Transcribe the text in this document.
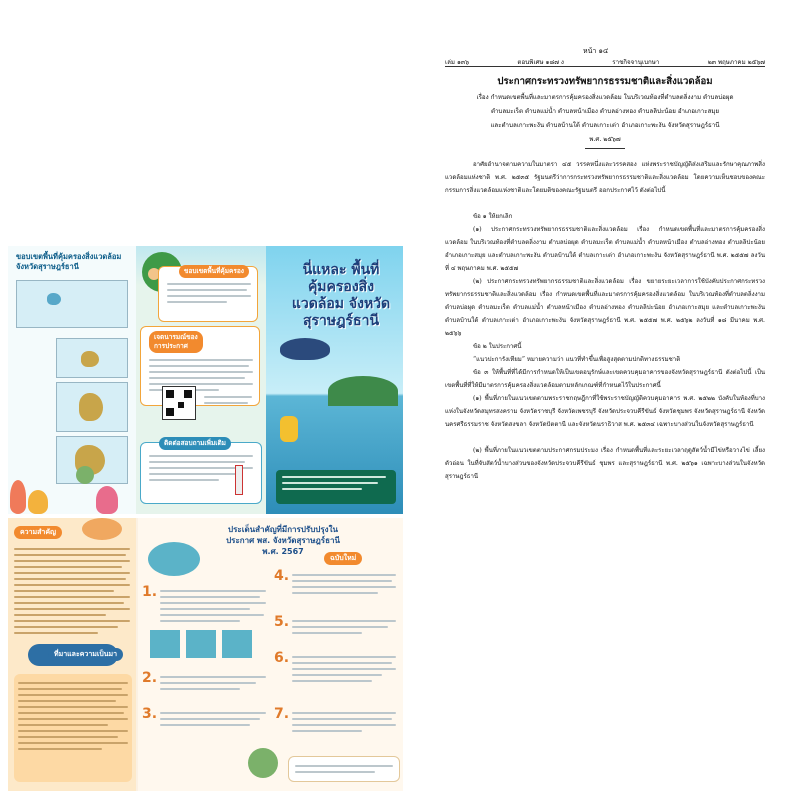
ขอบเขตพื้นที่คุ้มครองสิ่งแวดล้อมจังหวัดสุราษฎร์ธานี	ขอบเขตพื้นที่คุ้มครอง
เจตนารมณ์ของการประกาศ
ติดต่อสอบถามเพิ่มเติม
นี่แหละ พื้นที่คุ้มครองสิ่งแวดล้อม จังหวัดสุราษฎร์ธานี
ความสำคัญ
ที่มาและความเป็นมา
ประเด็นสำคัญที่มีการปรับปรุงใน
ประกาศ พส. จังหวัดสุราษฎร์ธานี
พ.ศ. 2567
ฉบับใหม่
1.
2.
3.
4.
5.
6.
7.
หน้า ๑๔
เล่ม ๑๓๖	ตอนพิเศษ ๑๘๗ ง	ราชกิจจานุเบกษา	๒๓ พฤษภาคม ๒๕๖๗
ประกาศกระทรวงทรัพยากรธรรมชาติและสิ่งแวดล้อม
เรื่อง กำหนดเขตพื้นที่และมาตรการคุ้มครองสิ่งแวดล้อม ในบริเวณท้องที่ตำบลตลิ่งงาม ตำบลบ่อผุด
ตำบลมะเร็ต ตำบลแม่น้ำ ตำบลหน้าเมือง ตำบลอ่างทอง ตำบลลิปะน้อย อำเภอเกาะสมุย
และตำบลเกาะพะงัน ตำบลบ้านใต้ ตำบลเกาะเต่า อำเภอเกาะพะงัน จังหวัดสุราษฎร์ธานี
พ.ศ. ๒๕๖๗
อาศัยอำนาจตามความในมาตรา ๔๕ วรรคหนึ่งและวรรคสอง แห่งพระราชบัญญัติส่งเสริมและรักษาคุณภาพสิ่งแวดล้อมแห่งชาติ พ.ศ. ๒๕๓๕ รัฐมนตรีว่าการกระทรวงทรัพยากรธรรมชาติและสิ่งแวดล้อม โดยความเห็นชอบของคณะกรรมการสิ่งแวดล้อมแห่งชาติและโดยมติของคณะรัฐมนตรี ออกประกาศไว้ ดังต่อไปนี้
ข้อ ๑ ให้ยกเลิก
(๑) ประกาศกระทรวงทรัพยากรธรรมชาติและสิ่งแวดล้อม เรื่อง กำหนดเขตพื้นที่และมาตรการคุ้มครองสิ่งแวดล้อม ในบริเวณท้องที่ตำบลตลิ่งงาม ตำบลบ่อผุด ตำบลมะเร็ต ตำบลแม่น้ำ ตำบลหน้าเมือง ตำบลอ่างทอง ตำบลลิปะน้อย อำเภอเกาะสมุย และตำบลเกาะพะงัน ตำบลบ้านใต้ ตำบลเกาะเต่า อำเภอเกาะพะงัน จังหวัดสุราษฎร์ธานี พ.ศ. ๒๕๕๗ ลงวันที่ ๔ พฤษภาคม พ.ศ. ๒๕๕๗
(๒) ประกาศกระทรวงทรัพยากรธรรมชาติและสิ่งแวดล้อม เรื่อง ขยายระยะเวลาการใช้บังคับประกาศกระทรวงทรัพยากรธรรมชาติและสิ่งแวดล้อม เรื่อง กำหนดเขตพื้นที่และมาตรการคุ้มครองสิ่งแวดล้อม ในบริเวณท้องที่ตำบลตลิ่งงาม ตำบลบ่อผุด ตำบลมะเร็ต ตำบลแม่น้ำ ตำบลหน้าเมือง ตำบลอ่างทอง ตำบลลิปะน้อย อำเภอเกาะสมุย และตำบลเกาะพะงัน ตำบลบ้านใต้ ตำบลเกาะเต่า อำเภอเกาะพะงัน จังหวัดสุราษฎร์ธานี พ.ศ. ๒๕๕๗ พ.ศ. ๒๕๖๒ ลงวันที่ ๑๘ มีนาคม พ.ศ. ๒๕๖๖
ข้อ ๒ ในประกาศนี้
“แนวปะการังเทียม” หมายความว่า แนวที่ทำขึ้นเพื่อสูงสุดตามปกติทางธรรมชาติ
ข้อ ๓ ให้พื้นที่ที่ได้มีการกำหนดให้เป็นเขตอนุรักษ์และเขตควบคุมอาคารของจังหวัดสุราษฎร์ธานี ดังต่อไปนี้ เป็นเขตพื้นที่ที่ให้มีมาตรการคุ้มครองสิ่งแวดล้อมตามหลักเกณฑ์ที่กำหนดไว้ในประกาศนี้
(๑) พื้นที่ภายในแนวเขตตามพระราชกฤษฎีกาที่ใช้พระราชบัญญัติควบคุมอาคาร พ.ศ. ๒๕๒๒ บังคับในท้องที่บางแห่งในจังหวัดสมุทรสงคราม จังหวัดราชบุรี จังหวัดเพชรบุรี จังหวัดประจวบคีรีขันธ์ จังหวัดชุมพร จังหวัดสุราษฎร์ธานี จังหวัดนครศรีธรรมราช จังหวัดสงขลา จังหวัดปัตตานี และจังหวัดนราธิวาส พ.ศ. ๒๕๓๔ เฉพาะบางส่วนในจังหวัดสุราษฎร์ธานี
(๒) พื้นที่ภายในแนวเขตตามประกาศกรมประมง เรื่อง กำหนดพื้นที่และระยะเวลาฤดูสัตว์น้ำมีไข่หรือวางไข่ เลี้ยงตัวอ่อน ในที่จับสัตว์น้ำบางส่วนของจังหวัดประจวบคีรีขันธ์ ชุมพร และสุราษฎร์ธานี พ.ศ. ๒๕๖๑ เฉพาะบางส่วนในจังหวัดสุราษฎร์ธานี
